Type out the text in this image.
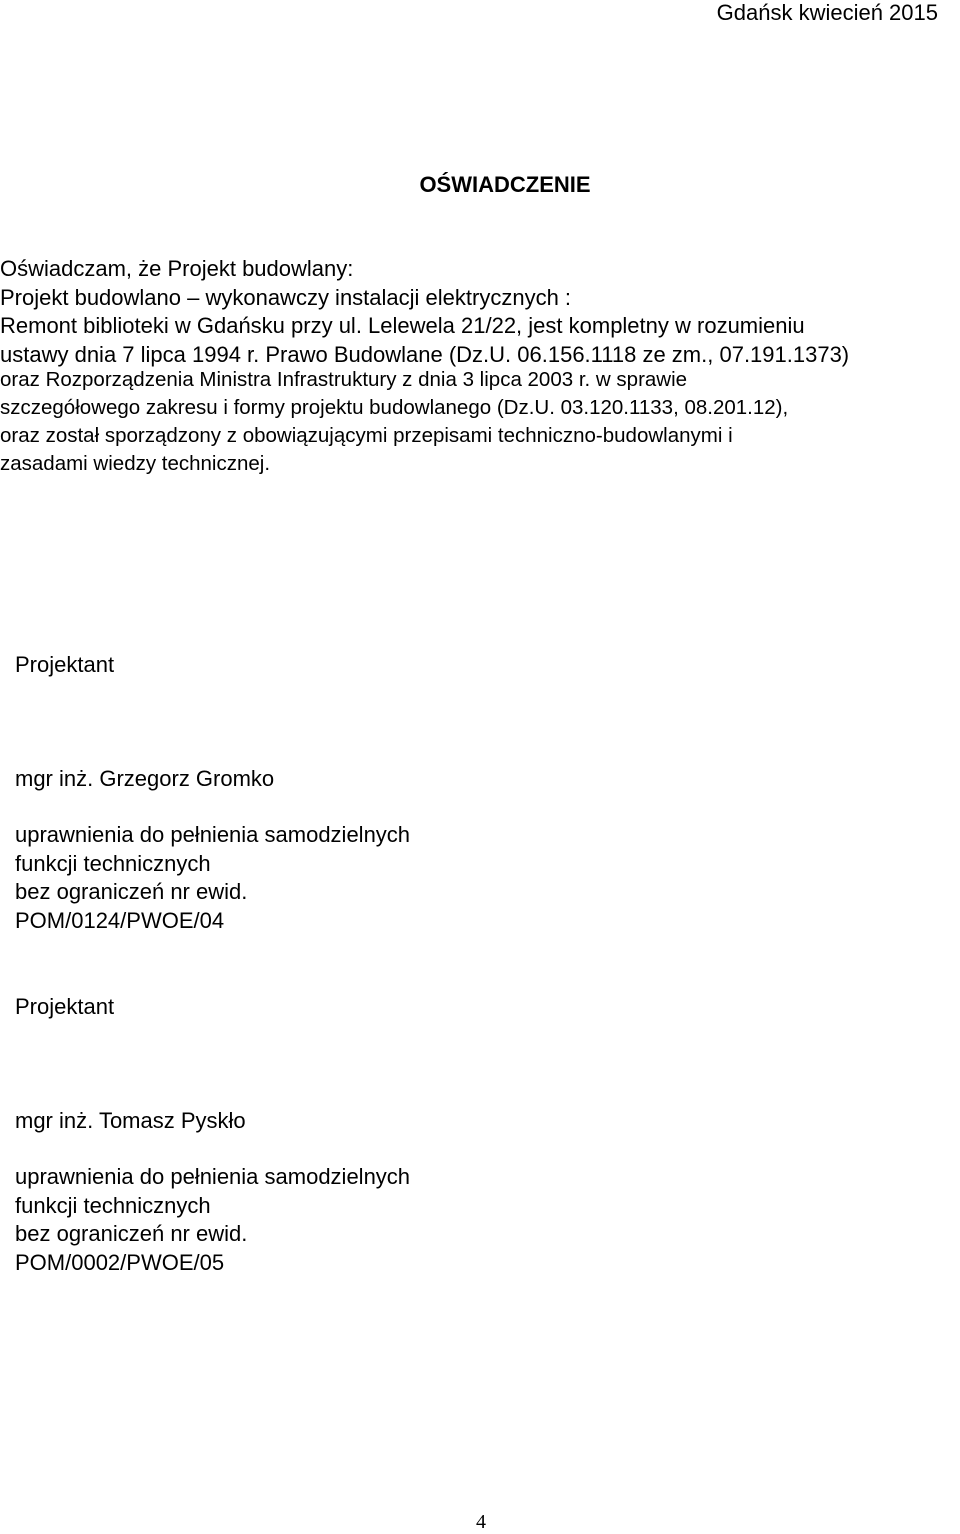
Gdańsk kwiecień 2015
OŚWIADCZENIE
Oświadczam, że Projekt budowlany:
Projekt budowlano – wykonawczy instalacji elektrycznych :
Remont biblioteki w Gdańsku przy ul. Lelewela 21/22, jest kompletny w rozumieniu
ustawy dnia 7 lipca 1994 r. Prawo Budowlane (Dz.U. 06.156.1118 ze zm., 07.191.1373)
oraz Rozporządzenia Ministra Infrastruktury z dnia 3 lipca 2003 r. w sprawie
szczegółowego zakresu i formy projektu budowlanego (Dz.U. 03.120.1133, 08.201.12),
oraz został sporządzony z obowiązującymi przepisami techniczno-budowlanymi i
zasadami wiedzy technicznej.
Projektant
mgr inż. Grzegorz Gromko
uprawnienia do pełnienia samodzielnych
funkcji technicznych
bez ograniczeń nr ewid.
POM/0124/PWOE/04
Projektant
mgr inż. Tomasz Pyskło
uprawnienia do pełnienia samodzielnych
funkcji technicznych
bez ograniczeń nr ewid.
POM/0002/PWOE/05
4
